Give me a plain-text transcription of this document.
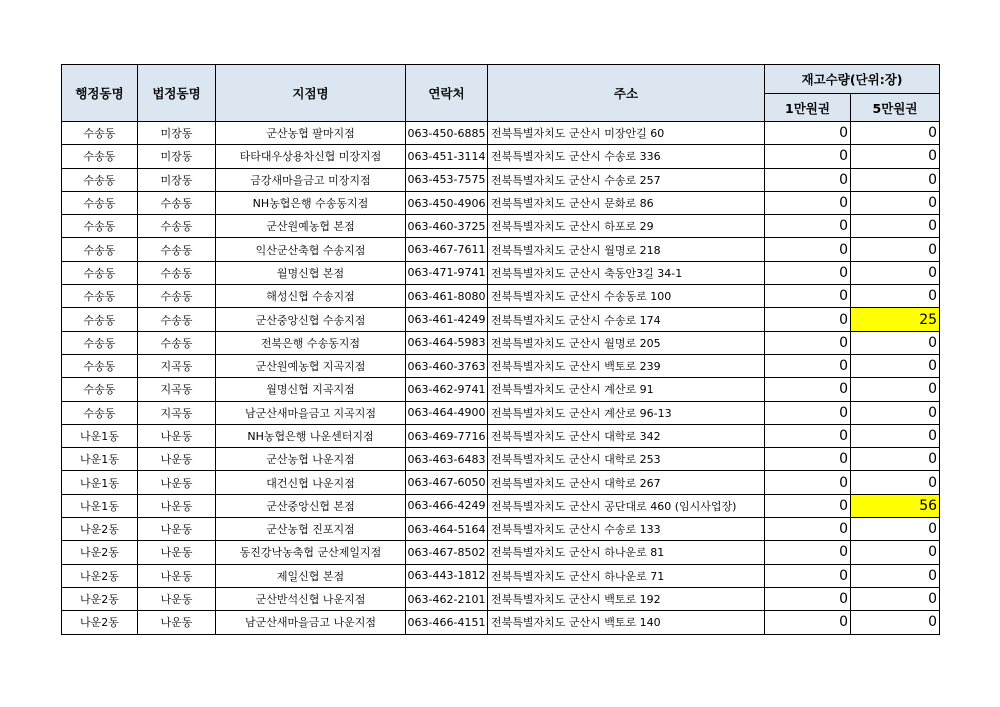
행정동명	법정동명	지점명	연락처	주소	재고수량(단위:장)	
					1만원권	5만원권
수송동	미장동	군산농협 팔마지점	063-450-6885	전북특별자치도 군산시 미장안길 60	0	0
수송동	미장동	타타대우상용차신협 미장지점	063-451-3114	전북특별자치도 군산시 수송로 336	0	0
수송동	미장동	금강새마을금고 미장지점	063-453-7575	전북특별자치도 군산시 수송로 257	0	0
수송동	수송동	NH농협은행 수송동지점	063-450-4906	전북특별자치도 군산시 문화로 86	0	0
수송동	수송동	군산원예농협 본점	063-460-3725	전북특별자치도 군산시 하포로 29	0	0
수송동	수송동	익산군산축협 수송지점	063-467-7611	전북특별자치도 군산시 월명로 218	0	0
수송동	수송동	월명신협 본점	063-471-9741	전북특별자치도 군산시 축동안3길 34-1	0	0
수송동	수송동	해성신협 수송지점	063-461-8080	전북특별자치도 군산시 수송동로 100	0	0
수송동	수송동	군산중앙신협 수송지점	063-461-4249	전북특별자치도 군산시 수송로 174	0	25
수송동	수송동	전북은행 수송동지점	063-464-5983	전북특별자치도 군산시 월명로 205	0	0
수송동	지곡동	군산원예농협 지곡지점	063-460-3763	전북특별자치도 군산시 백토로 239	0	0
수송동	지곡동	월명신협 지곡지점	063-462-9741	전북특별자치도 군산시 계산로 91	0	0
수송동	지곡동	남군산새마을금고 지곡지점	063-464-4900	전북특별자치도 군산시 계산로 96-13	0	0
나운1동	나운동	NH농협은행 나운센터지점	063-469-7716	전북특별자치도 군산시 대학로 342	0	0
나운1동	나운동	군산농협 나운지점	063-463-6483	전북특별자치도 군산시 대학로 253	0	0
나운1동	나운동	대건신협 나운지점	063-467-6050	전북특별자치도 군산시 대학로 267	0	0
나운1동	나운동	군산중앙신협 본점	063-466-4249	전북특별자치도 군산시 공단대로 460 (임시사업장)	0	56
나운2동	나운동	군산농협 진포지점	063-464-5164	전북특별자치도 군산시 수송로 133	0	0
나운2동	나운동	동진강낙농축협 군산제일지점	063-467-8502	전북특별자치도 군산시 하나운로 81	0	0
나운2동	나운동	제일신협 본점	063-443-1812	전북특별자치도 군산시 하나운로 71	0	0
나운2동	나운동	군산반석신협 나운지점	063-462-2101	전북특별자치도 군산시 백토로 192	0	0
나운2동	나운동	남군산새마을금고 나운지점	063-466-4151	전북특별자치도 군산시 백토로 140	0	0
